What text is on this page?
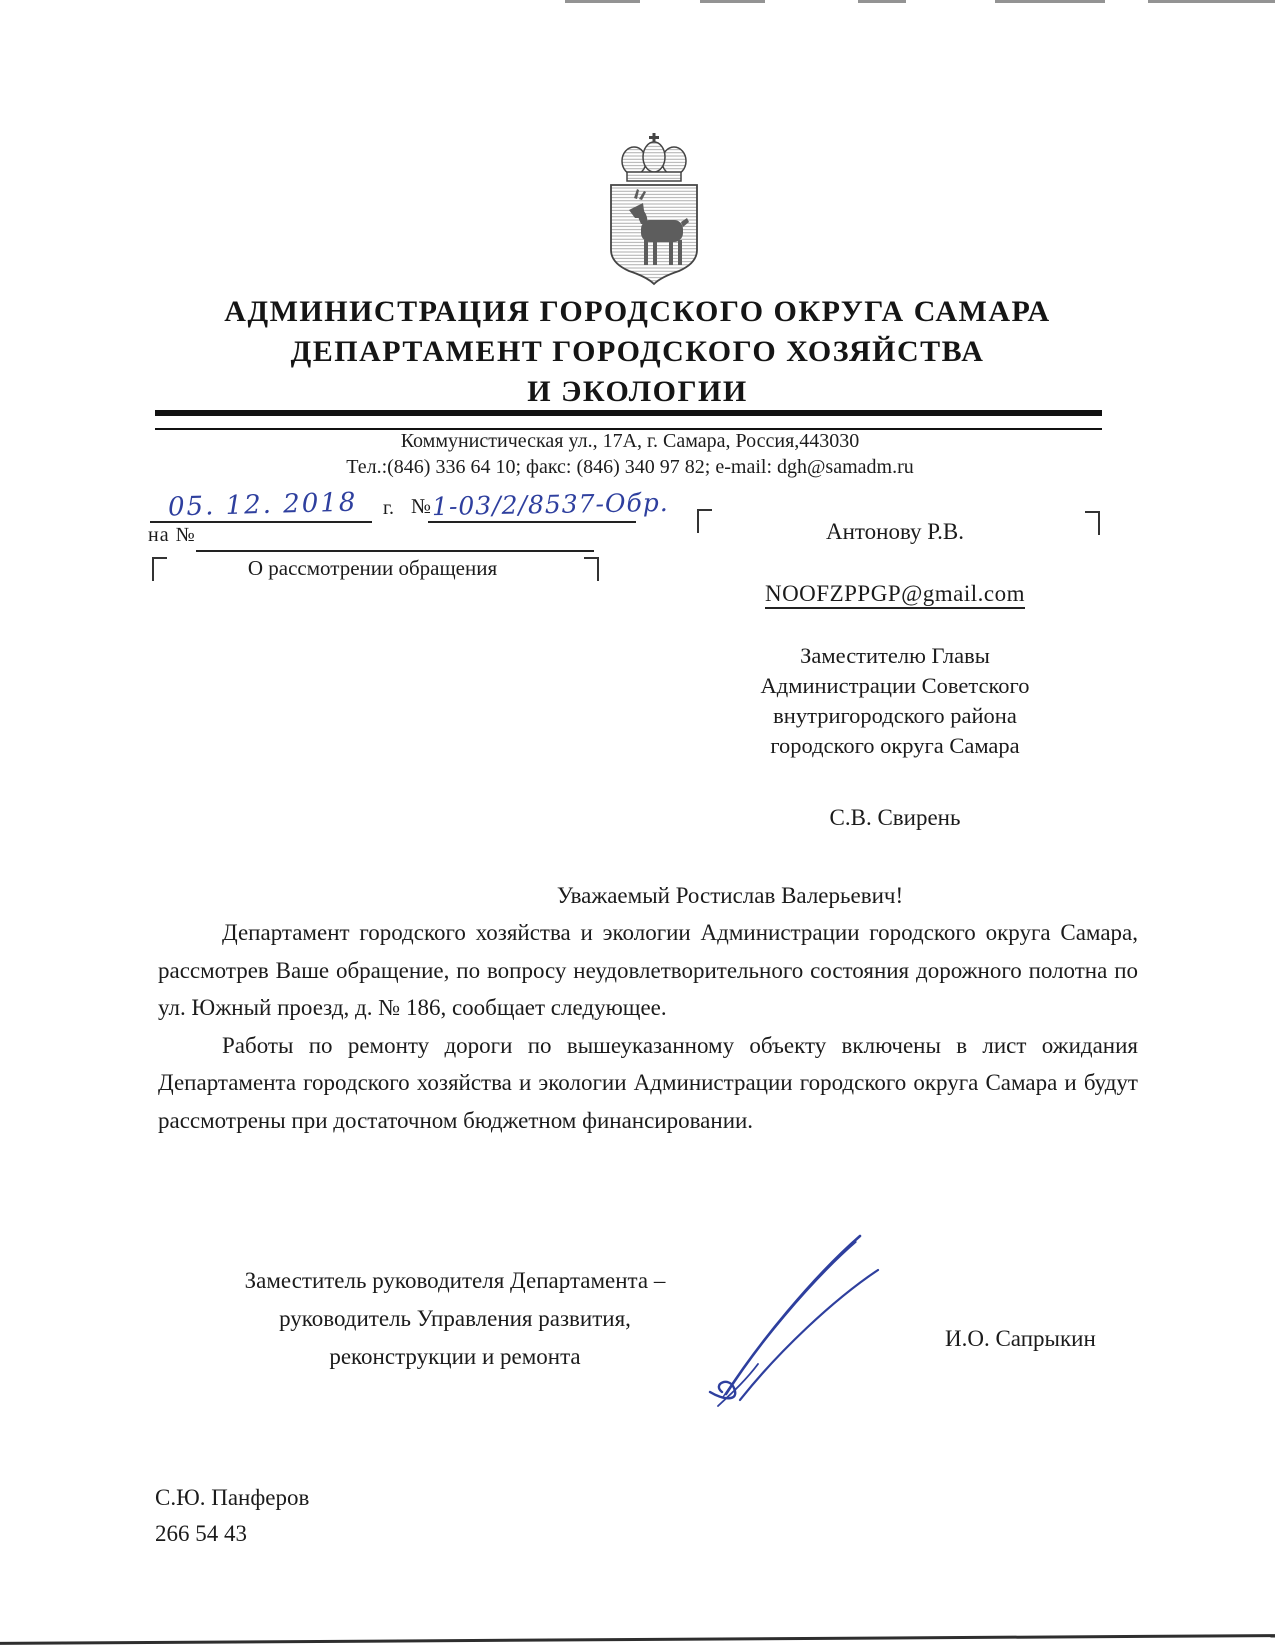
АДМИНИСТРАЦИЯ ГОРОДСКОГО ОКРУГА САМАРА
ДЕПАРТАМЕНТ ГОРОДСКОГО ХОЗЯЙСТВА
И ЭКОЛОГИИ
Коммунистическая ул., 17А, г. Самара, Россия,443030
Тел.:(846) 336 64 10; факс: (846) 340 97 82; e-mail: dgh@samadm.ru
05. 12. 2018 г. № 1-03/2/8537-Обр.
на №
О рассмотрении обращения
Антонову Р.В.
NOOFZPPGP@gmail.com
Заместителю Главы
Администрации Советского
внутригородского района
городского округа Самара
С.В. Свирень
Уважаемый Ростислав Валерьевич!

Департамент городского хозяйства и экологии Администрации городского округа Самара, рассмотрев Ваше обращение, по вопросу неудовлетворительного состояния дорожного полотна по ул. Южный проезд, д. № 186, сообщает следующее.

Работы по ремонту дороги по вышеуказанному объекту включены в лист ожидания Департамента городского хозяйства и экологии Администрации городского округа Самара и будут рассмотрены при достаточном бюджетном финансировании.

Заместитель руководителя Департамента –
руководитель Управления развития,
реконструкции и ремонта
И.О. Сапрыкин
С.Ю. Панферов
266 54 43
